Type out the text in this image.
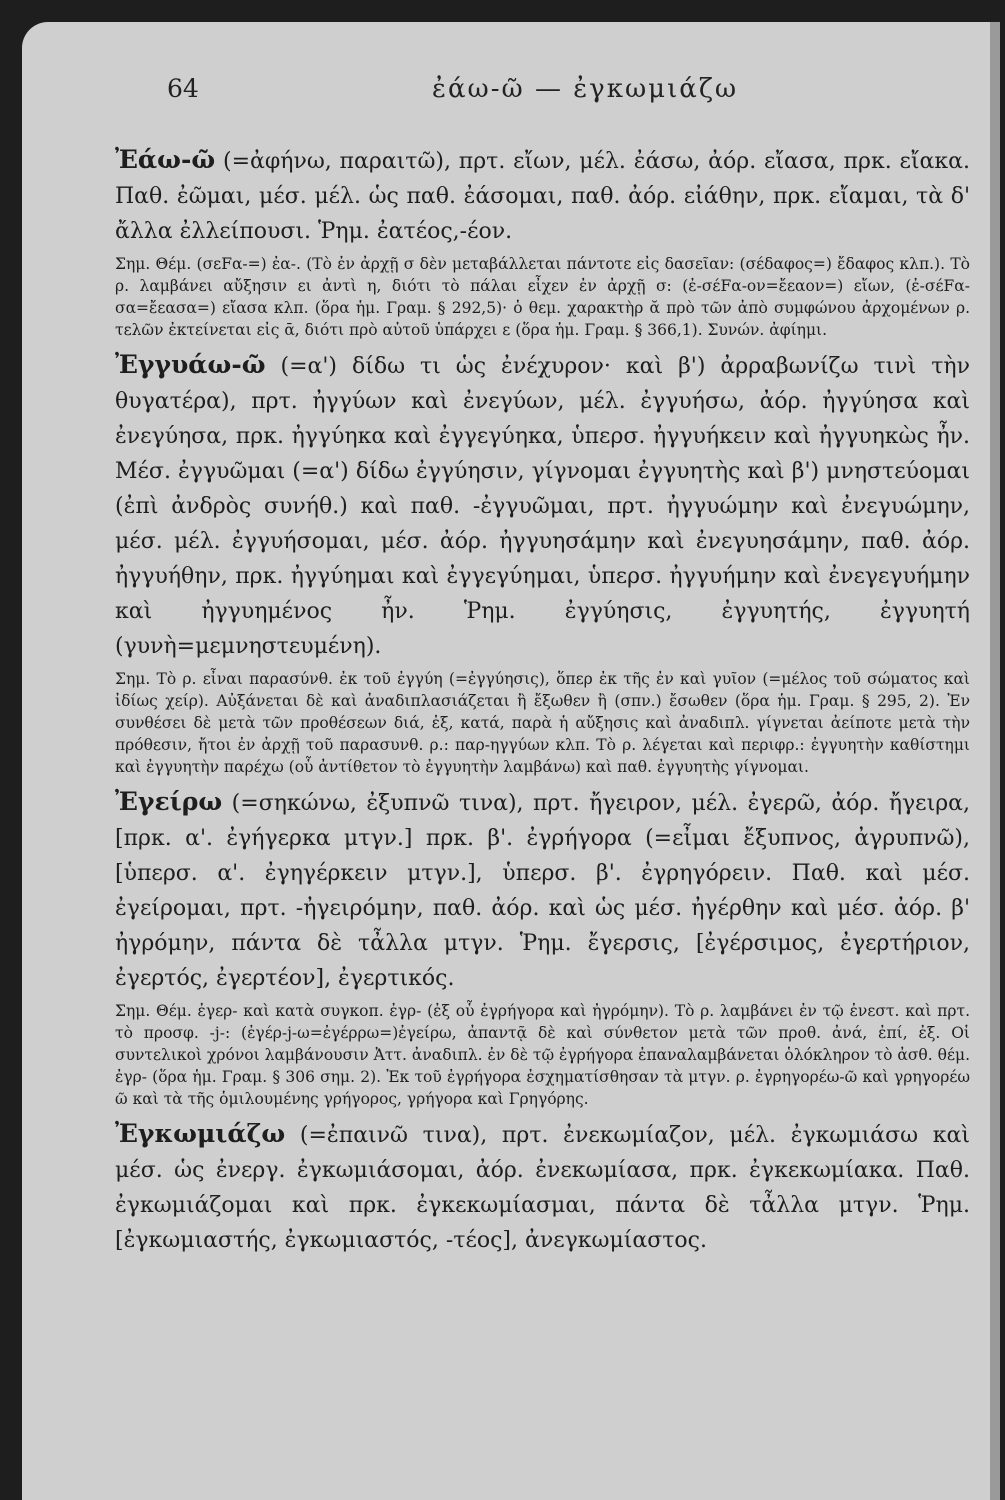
64	ἐάω-ῶ — ἐγκωμιάζω

Ἐάω-ῶ (=ἀφήνω, παραιτῶ), πρτ. εἴων, μέλ. ἐάσω, ἀόρ. εἴασα, πρκ. εἴακα. Παθ. ἐῶμαι, μέσ. μέλ. ὡς παθ. ἐάσομαι, παθ. ἀόρ. εἰάθην, πρκ. εἴαμαι, τὰ δ' ἄλλα ἐλλείπουσι. Ῥημ. ἐατέος,-έον.

Σημ. Θέμ. (σεFα-=) ἐα-. (Τὸ ἐν ἀρχῇ σ δὲν μεταβάλλεται πάντοτε εἰς δασεῖαν: (σέδαφος=) ἔδαφος κλπ.). Τὸ ρ. λαμβάνει αὔξησιν ει ἀντὶ η, διότι τὸ πάλαι εἶχεν ἐν ἀρχῇ σ: (ἐ-σέFα-ον=ἔεαον=) εἴων, (ἐ-σέFα-σα=ἔεασα=) εἴασα κλπ. (ὅρα ἡμ. Γραμ. § 292,5)· ὁ θεμ. χαρακτὴρ ᾰ πρὸ τῶν ἀπὸ συμφώνου ἀρχομένων ρ. τελῶν ἐκτείνεται εἰς ᾱ, διότι πρὸ αὐτοῦ ὑπάρχει ε (ὅρα ἡμ. Γραμ. § 366,1). Συνών. ἀφίημι.

Ἐγγυάω-ῶ (=α') δίδω τι ὡς ἐνέχυρον· καὶ β') ἀρραβωνίζω τινὶ τὴν θυγατέρα), πρτ. ἠγγύων καὶ ἐνεγύων, μέλ. ἐγγυήσω, ἀόρ. ἠγγύησα καὶ ἐνεγύησα, πρκ. ἠγγύηκα καὶ ἐγγεγύηκα, ὑπερσ. ἠγγυήκειν καὶ ἠγγυηκὼς ἦν. Μέσ. ἐγγυῶμαι (=α') δίδω ἐγγύησιν, γίγνομαι ἐγγυητὴς καὶ β') μνηστεύομαι (ἐπὶ ἀνδρὸς συνήθ.) καὶ παθ. -ἐγγυῶμαι, πρτ. ἠγγυώμην καὶ ἐνεγυώμην, μέσ. μέλ. ἐγγυήσομαι, μέσ. ἀόρ. ἠγγυησάμην καὶ ἐνεγυησάμην, παθ. ἀόρ. ἠγγυήθην, πρκ. ἠγγύημαι καὶ ἐγγεγύημαι, ὑπερσ. ἠγγυήμην καὶ ἐνεγεγυήμην καὶ ἠγγυημένος ἦν. Ῥημ. ἐγγύησις, ἐγγυητής, ἐγγυητή (γυνὴ=μεμνηστευμένη).

Σημ. Τὸ ρ. εἶναι παρασύνθ. ἐκ τοῦ ἐγγύη (=ἐγγύησις), ὅπερ ἐκ τῆς ἐν καὶ γυῖον (=μέλος τοῦ σώματος καὶ ἰδίως χείρ). Αὐξάνεται δὲ καὶ ἀναδιπλασιάζεται ἢ ἔξωθεν ἢ (σπν.) ἔσωθεν (ὅρα ἡμ. Γραμ. § 295, 2). Ἐν συνθέσει δὲ μετὰ τῶν προθέσεων διά, ἐξ, κατά, παρὰ ἡ αὔξησις καὶ ἀναδιπλ. γίγνεται ἀείποτε μετὰ τὴν πρόθεσιν, ἤτοι ἐν ἀρχῇ τοῦ παρασυνθ. ρ.: παρ-ηγγύων κλπ. Τὸ ρ. λέγεται καὶ περιφρ.: ἐγγυητὴν καθίστημι καὶ ἐγγυητὴν παρέχω (οὗ ἀντίθετον τὸ ἐγγυητὴν λαμβάνω) καὶ παθ. ἐγγυητὴς γίγνομαι.

Ἐγείρω (=σηκώνω, ἐξυπνῶ τινα), πρτ. ἤγειρον, μέλ. ἐγερῶ, ἀόρ. ἤγειρα, [πρκ. α'. ἐγήγερκα μτγν.] πρκ. β'. ἐγρήγορα (=εἶμαι ἔξυπνος, ἀγρυπνῶ), [ὑπερσ. α'. ἐγηγέρκειν μτγν.], ὑπερσ. β'. ἐγρηγόρειν. Παθ. καὶ μέσ. ἐγείρομαι, πρτ. -ἠγειρόμην, παθ. ἀόρ. καὶ ὡς μέσ. ἠγέρθην καὶ μέσ. ἀόρ. β' ἠγρόμην, πάντα δὲ τἆλλα μτγν. Ῥημ. ἔγερσις, [ἐγέρσιμος, ἐγερτήριον, ἐγερτός, ἐγερτέον], ἐγερτικός.

Σημ. Θέμ. ἐγερ- καὶ κατὰ συγκοπ. ἐγρ- (ἐξ οὗ ἐγρήγορα καὶ ἠγρόμην). Τὸ ρ. λαμβάνει ἐν τῷ ἐνεστ. καὶ πρτ. τὸ προσφ. -j-: (ἐγέρ-j-ω=ἐγέρρω=)ἐγείρω, ἀπαντᾷ δὲ καὶ σύνθετον μετὰ τῶν προθ. ἀνά, ἐπί, ἐξ. Οἱ συντελικοὶ χρόνοι λαμβάνουσιν Ἀττ. ἀναδιπλ. ἐν δὲ τῷ ἐγρήγορα ἐπαναλαμβάνεται ὁλόκληρον τὸ ἀσθ. θέμ. ἐγρ- (ὅρα ἡμ. Γραμ. § 306 σημ. 2). Ἐκ τοῦ ἐγρήγορα ἐσχηματίσθησαν τὰ μτγν. ρ. ἐγρηγορέω-ῶ καὶ γρηγορέω ῶ καὶ τὰ τῆς ὁμιλουμένης γρήγορος, γρήγορα καὶ Γρηγόρης.

Ἐγκωμιάζω (=ἐπαινῶ τινα), πρτ. ἐνεκωμίαζον, μέλ. ἐγκωμιάσω καὶ μέσ. ὡς ἐνεργ. ἐγκωμιάσομαι, ἀόρ. ἐνεκωμίασα, πρκ. ἐγκεκωμίακα. Παθ. ἐγκωμιάζομαι καὶ πρκ. ἐγκεκωμίασμαι, πάντα δὲ τἆλλα μτγν. Ῥημ. [ἐγκωμιαστής, ἐγκωμιαστός, -τέος], ἀνεγκωμίαστος.
